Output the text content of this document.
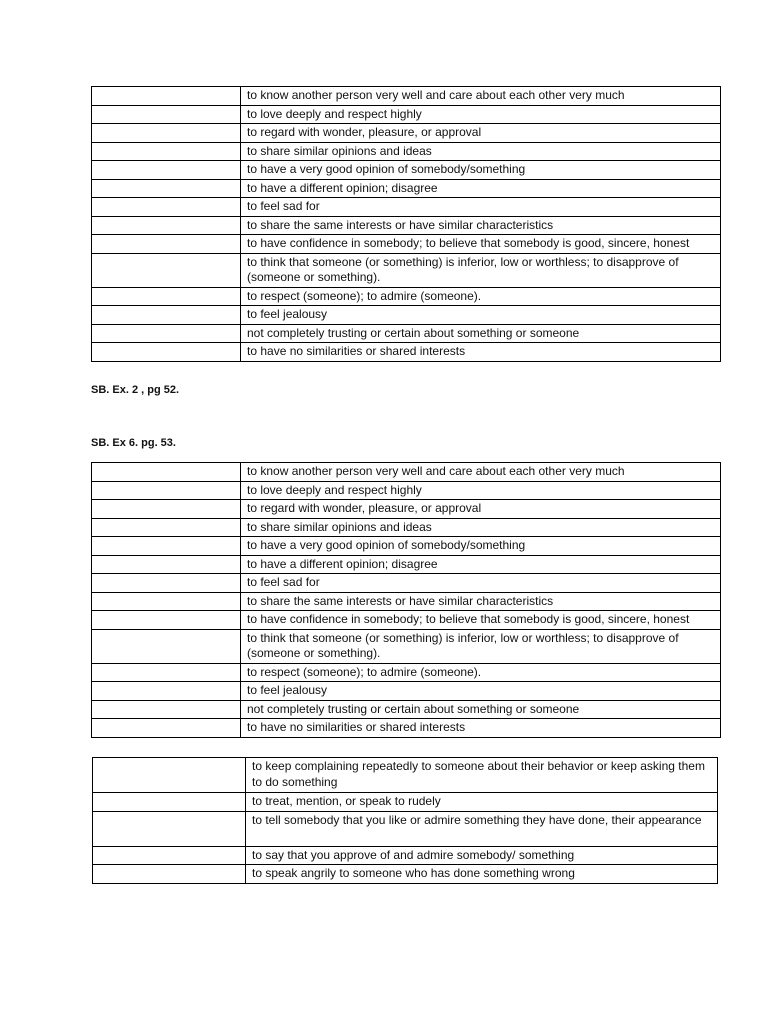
	to know another person very well and care about each other very much
	to love deeply and respect highly
	to regard with wonder, pleasure, or approval
	to share similar opinions and ideas
	to have a very good opinion of somebody/something
	to have a different opinion; disagree
	to feel sad for
	to share the same interests or have similar characteristics
	to have confidence in somebody; to believe that somebody is good, sincere, honest
	to think that someone (or something) is inferior, low or worthless; to disapprove of (someone or something).
	to respect (someone); to admire (someone).
	to feel jealousy
	not completely trusting or certain about something or someone
	to have no similarities or shared interests
SB. Ex. 2 , pg 52.
SB. Ex 6. pg. 53.
	to know another person very well and care about each other very much
	to love deeply and respect highly
	to regard with wonder, pleasure, or approval
	to share similar opinions and ideas
	to have a very good opinion of somebody/something
	to have a different opinion; disagree
	to feel sad for
	to share the same interests or have similar characteristics
	to have confidence in somebody; to believe that somebody is good, sincere, honest
	to think that someone (or something) is inferior, low or worthless; to disapprove of (someone or something).
	to respect (someone); to admire (someone).
	to feel jealousy
	not completely trusting or certain about something or someone
	to have no similarities or shared interests
	to keep complaining repeatedly to someone about their behavior or keep asking them to do something
	to treat, mention, or speak to rudely
	to tell somebody that you like or admire something they have done, their appearance
	to say that you approve of and admire somebody/ something
	to speak angrily to someone who has done something wrong
